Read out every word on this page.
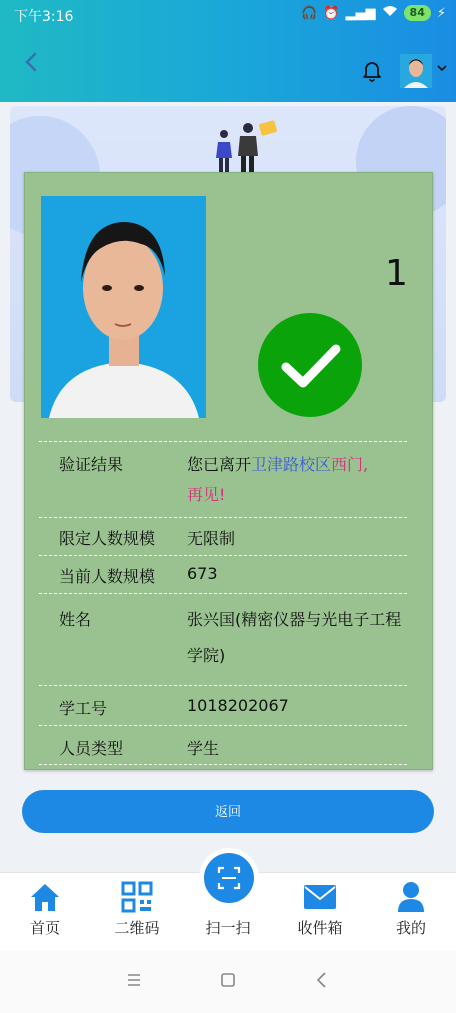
下午3:16	🎧 ⏰ ▂▄▆	84 ⚡
1
验证结果	您已离开卫津路校区西门,
再见!
限定人数规模	无限制
当前人数规模	673
姓名	张兴国(精密仪器与光电子工程学院)
学工号	1018202067
人员类型	学生
返回
首页	二维码	扫一扫	收件箱	我的
